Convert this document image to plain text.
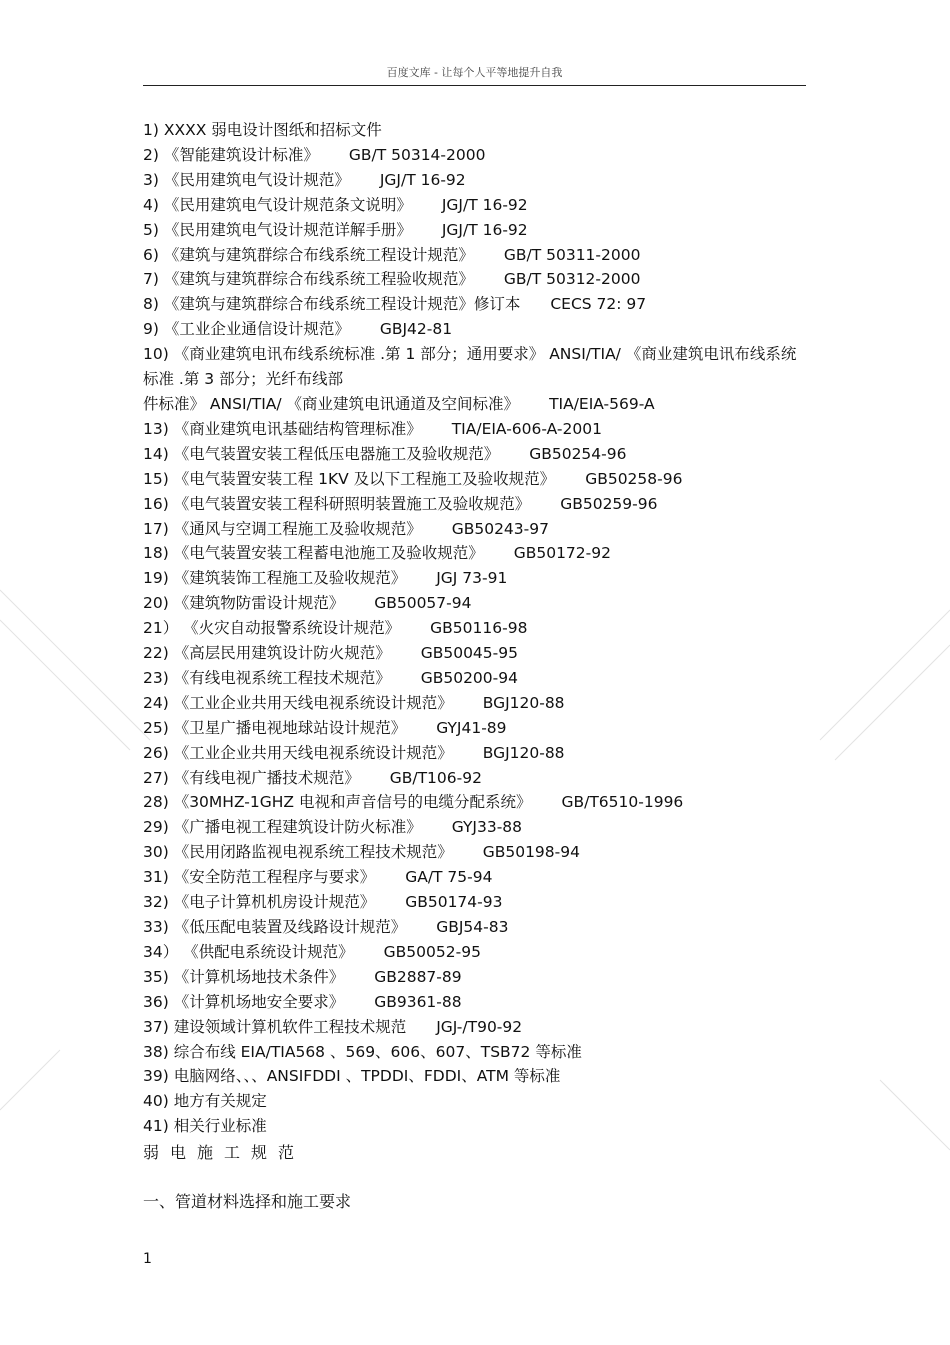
百度文库 - 让每个人平等地提升自我
1) XXXX 弱电设计图纸和招标文件
2) 《智能建筑设计标准》 GB/T 50314-2000
3) 《民用建筑电气设计规范》 JGJ/T 16-92
4) 《民用建筑电气设计规范条文说明》 JGJ/T 16-92
5) 《民用建筑电气设计规范详解手册》 JGJ/T 16-92
6) 《建筑与建筑群综合布线系统工程设计规范》 GB/T 50311-2000
7) 《建筑与建筑群综合布线系统工程验收规范》 GB/T 50312-2000
8) 《建筑与建筑群综合布线系统工程设计规范》修订本 CECS 72: 97
9) 《工业企业通信设计规范》 GBJ42-81
10) 《商业建筑电讯布线系统标准 .第 1 部分；通用要求》 ANSI/TIA/ 《商业建筑电讯布线系统标准 .第 3 部分；光纤布线部
件标准》 ANSI/TIA/ 《商业建筑电讯通道及空间标准》 TIA/EIA-569-A
13) 《商业建筑电讯基础结构管理标准》 TIA/EIA-606-A-2001
14) 《电气装置安装工程低压电器施工及验收规范》 GB50254-96
15) 《电气装置安装工程 1KV 及以下工程施工及验收规范》 GB50258-96
16) 《电气装置安装工程科研照明装置施工及验收规范》 GB50259-96
17) 《通风与空调工程施工及验收规范》 GB50243-97
18) 《电气装置安装工程蓄电池施工及验收规范》 GB50172-92
19) 《建筑装饰工程施工及验收规范》 JGJ 73-91
20) 《建筑物防雷设计规范》 GB50057-94
21） 《火灾自动报警系统设计规范》 GB50116-98
22) 《高层民用建筑设计防火规范》 GB50045-95
23) 《有线电视系统工程技术规范》 GB50200-94
24) 《工业企业共用天线电视系统设计规范》 BGJ120-88
25) 《卫星广播电视地球站设计规范》 GYJ41-89
26) 《工业企业共用天线电视系统设计规范》 BGJ120-88
27) 《有线电视广播技术规范》 GB/T106-92
28) 《30MHZ-1GHZ 电视和声音信号的电缆分配系统》 GB/T6510-1996
29) 《广播电视工程建筑设计防火标准》 GYJ33-88
30) 《民用闭路监视电视系统工程技术规范》 GB50198-94
31) 《安全防范工程程序与要求》 GA/T 75-94
32) 《电子计算机机房设计规范》 GB50174-93
33) 《低压配电装置及线路设计规范》 GBJ54-83
34） 《供配电系统设计规范》 GB50052-95
35) 《计算机场地技术条件》 GB2887-89
36) 《计算机场地安全要求》 GB9361-88
37) 建设领域计算机软件工程技术规范 JGJ-/T90-92
38) 综合布线 EIA/TIA568 、569、606、607、TSB72 等标准
39) 电脑网络、、、ANSIFDDI 、TPDDI、FDDI、ATM 等标准
40) 地方有关规定
41) 相关行业标准
弱电施工规范
一、管道材料选择和施工要求
1
